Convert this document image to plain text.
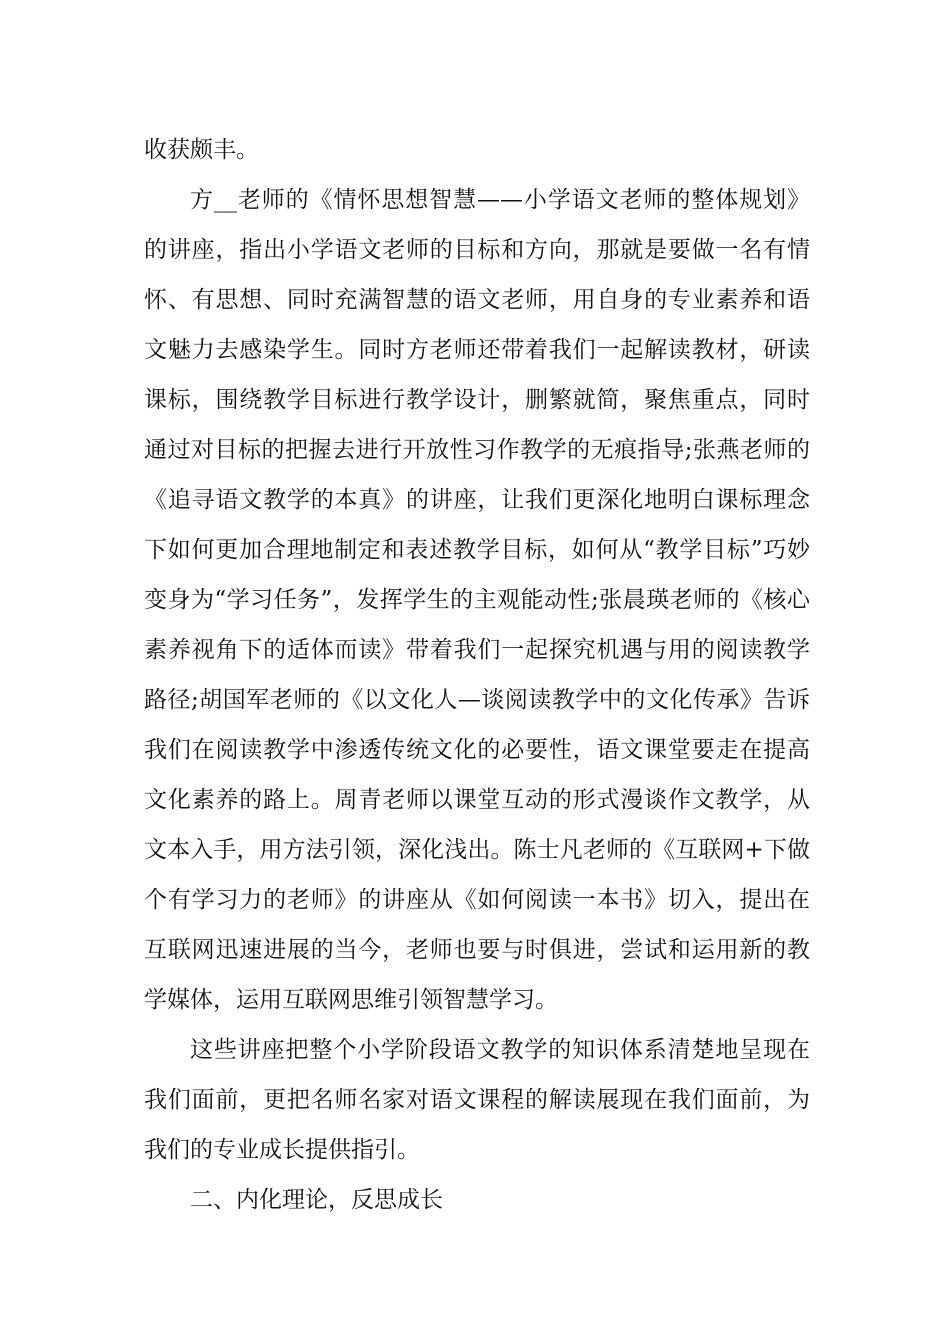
收获颇丰。

方__老师的《情怀思想智慧——小学语文老师的整体规划》的讲座，指出小学语文老师的目标和方向，那就是要做一名有情怀、有思想、同时充满智慧的语文老师，用自身的专业素养和语文魅力去感染学生。同时方老师还带着我们一起解读教材，研读课标，围绕教学目标进行教学设计，删繁就简，聚焦重点，同时通过对目标的把握去进行开放性习作教学的无痕指导;张燕老师的《追寻语文教学的本真》的讲座，让我们更深化地明白课标理念下如何更加合理地制定和表述教学目标，如何从“教学目标”巧妙变身为“学习任务”，发挥学生的主观能动性;张晨瑛老师的《核心素养视角下的适体而读》带着我们一起探究机遇与用的阅读教学路径;胡国军老师的《以文化人—谈阅读教学中的文化传承》告诉我们在阅读教学中渗透传统文化的必要性，语文课堂要走在提高文化素养的路上。周青老师以课堂互动的形式漫谈作文教学，从文本入手，用方法引领，深化浅出。陈士凡老师的《互联网+下做个有学习力的老师》的讲座从《如何阅读一本书》切入，提出在互联网迅速进展的当今，老师也要与时俱进，尝试和运用新的教学媒体，运用互联网思维引领智慧学习。

这些讲座把整个小学阶段语文教学的知识体系清楚地呈现在我们面前，更把名师名家对语文课程的解读展现在我们面前，为我们的专业成长提供指引。

二、内化理论，反思成长
